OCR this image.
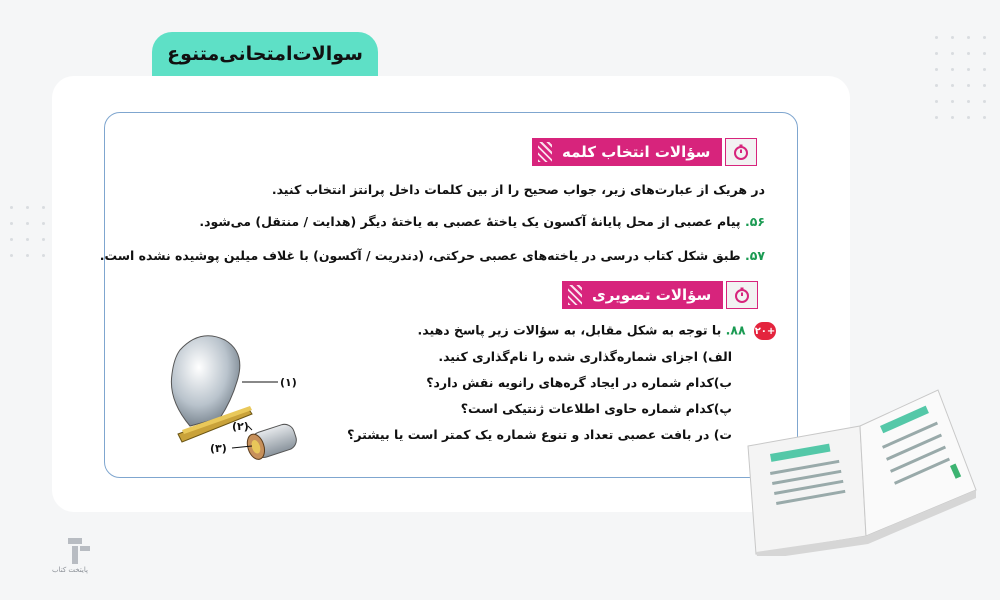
سوالات‌امتحانی‌متنوع
سؤالات انتخاب کلمه
در هریک از عبارت‌های زیر، جواب صحیح را از بین کلمات داخل پرانتز انتخاب کنید.
۵۶. پیام عصبی از محل پایانهٔ آکسون یک یاختهٔ عصبی به یاختهٔ دیگر (هدایت / منتقل) می‌شود.
۵۷. طبق شکل کتاب درسی در یاخته‌های عصبی حرکتی، (دندریت / آکسون) با غلاف میلین پوشیده نشده است.
سؤالات تصویری
+۲۰ ۸۸. با توجه به شکل مقابل، به سؤالات زیر پاسخ دهید.
الف) اجزای شماره‌گذاری شده را نام‌گذاری کنید.
ب)کدام شماره در ایجاد گره‌های رانویه نقش دارد؟
پ)کدام شماره حاوی اطلاعات ژنتیکی است؟
ت) در بافت عصبی تعداد و تنوع شماره یک کمتر است یا بیشتر؟
(۱)
(۲)
(۳)
پایتخت کتاب
